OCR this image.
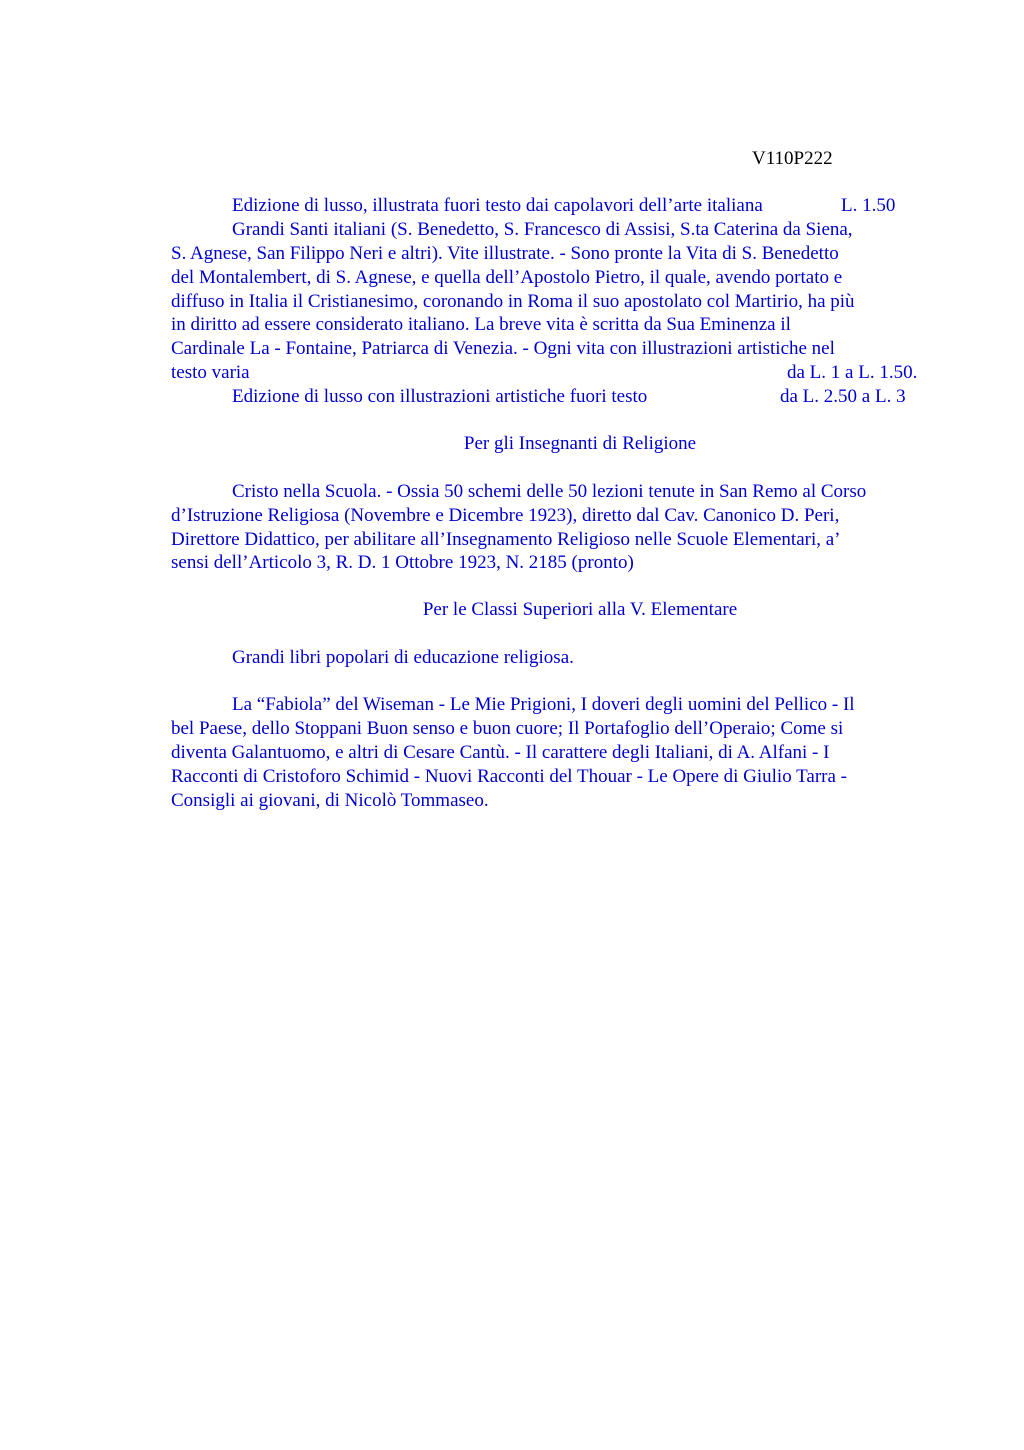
V110P222
Edizione di lusso, illustrata fuori testo dai capolavori dell’arte italiana	L. 1.50
Grandi Santi italiani (S. Benedetto, S. Francesco di Assisi, S.ta Caterina da Siena,
S. Agnese, San Filippo Neri e altri). Vite illustrate. - Sono pronte la Vita di S. Benedetto
del Montalembert, di S. Agnese, e quella dell’Apostolo Pietro, il quale, avendo portato e
diffuso in Italia il Cristianesimo, coronando in Roma il suo apostolato col Martirio, ha più
in diritto ad essere considerato italiano. La breve vita è scritta da Sua Eminenza il
Cardinale La - Fontaine, Patriarca di Venezia. - Ogni vita con illustrazioni artistiche nel
testo varia	da L. 1 a L. 1.50.
Edizione di lusso con illustrazioni artistiche fuori testo	da L. 2.50 a L. 3
Per gli Insegnanti di Religione
Cristo nella Scuola. - Ossia 50 schemi delle 50 lezioni tenute in San Remo al Corso
d’Istruzione Religiosa (Novembre e Dicembre 1923), diretto dal Cav. Canonico D. Peri,
Direttore Didattico, per abilitare all’Insegnamento Religioso nelle Scuole Elementari, a’
sensi dell’Articolo 3, R. D. 1 Ottobre 1923, N. 2185 (pronto)
Per le Classi Superiori alla V. Elementare
Grandi libri popolari di educazione religiosa.
La “Fabiola” del Wiseman - Le Mie Prigioni, I doveri degli uomini del Pellico - Il
bel Paese, dello Stoppani Buon senso e buon cuore; Il Portafoglio dell’Operaio; Come si
diventa Galantuomo, e altri di Cesare Cantù. - Il carattere degli Italiani, di A. Alfani - I
Racconti di Cristoforo Schimid - Nuovi Racconti del Thouar - Le Opere di Giulio Tarra -
Consigli ai giovani, di Nicolò Tommaseo.
